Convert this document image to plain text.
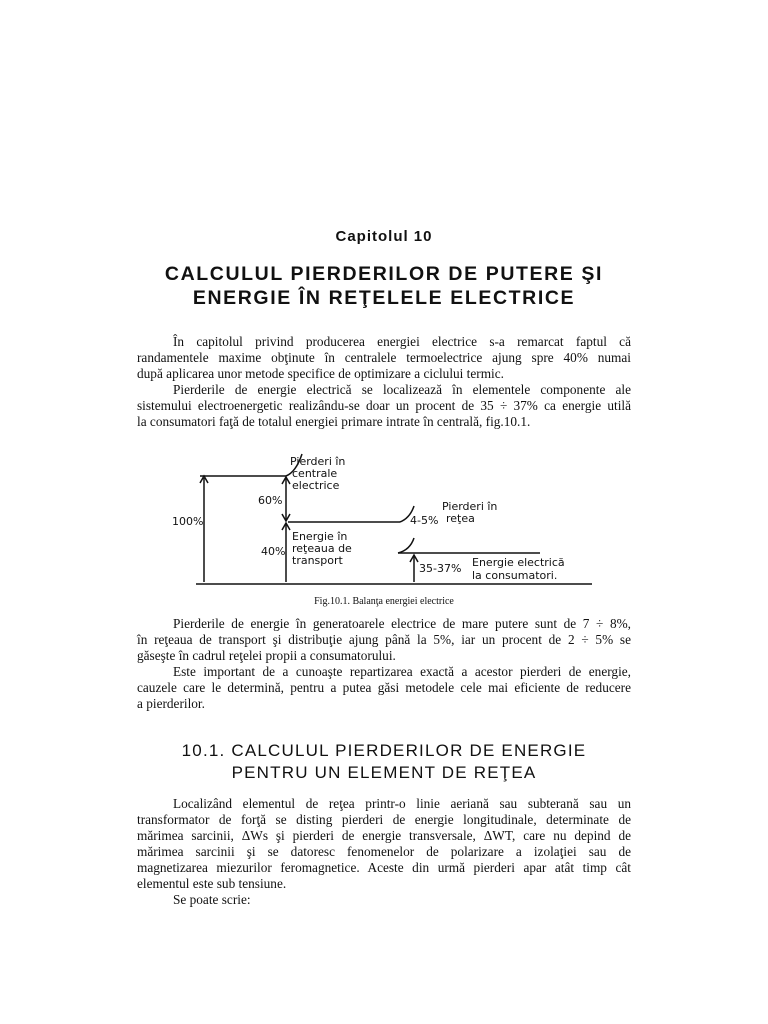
Capitolul 10
CALCULUL PIERDERILOR DE PUTERE ŞI
ENERGIE ÎN REŢELELE ELECTRICE
În capitolul privind producerea energiei electrice s-a remarcat faptul că
randamentele maxime obţinute în centralele termoelectrice ajung spre 40% numai
după aplicarea unor metode specifice de optimizare a ciclului termic.
Pierderile de energie electrică se localizează în elementele componente ale
sistemului electroenergetic realizându-se doar un procent de 35 ÷ 37% ca energie utilă
la consumatori faţă de totalul energiei primare intrate în centrală, fig.10.1.
Pierderi în
centrale
electrice
60%
100%
40%
Energie în
reţeaua de
transport
4-5%
Pierderi în
reţea
35-37% Energie electrică
la consumatori.
Fig.10.1. Balanţa energiei electrice
Pierderile de energie în generatoarele electrice de mare putere sunt de 7 ÷ 8%,
în reţeaua de transport şi distribuţie ajung până la 5%, iar un procent de 2 ÷ 5% se
găseşte în cadrul reţelei propii a consumatorului.
Este important de a cunoaşte repartizarea exactă a acestor pierderi de energie,
cauzele care le determină, pentru a putea găsi metodele cele mai eficiente de reducere
a pierderilor.
10.1. CALCULUL PIERDERILOR DE ENERGIE
PENTRU UN ELEMENT DE REŢEA
Localizând elementul de reţea printr-o linie aeriană sau subterană sau un
transformator de forţă se disting pierderi de energie longitudinale, determinate de
mărimea sarcinii, ΔWs şi pierderi de energie transversale, ΔWT, care nu depind de
mărimea sarcinii şi se datoresc fenomenelor de polarizare a izolaţiei sau de
magnetizarea miezurilor feromagnetice. Aceste din urmă pierderi apar atât timp cât
elementul este sub tensiune.
Se poate scrie:
